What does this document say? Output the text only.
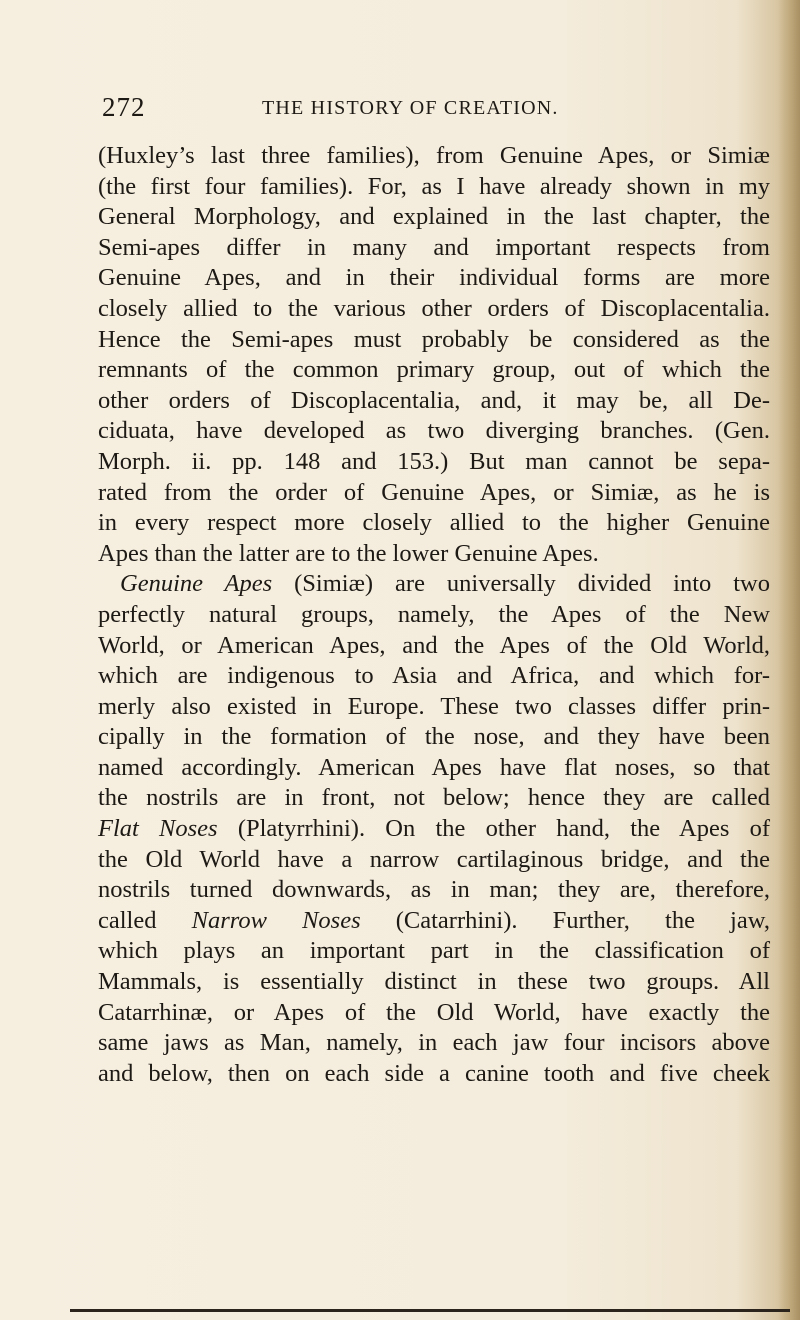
272	THE HISTORY OF CREATION.
(Huxley’s last three families), from Genuine Apes, or Simiæ
(the first four families). For, as I have already shown in my
General Morphology, and explained in the last chapter, the
Semi-apes differ in many and important respects from
Genuine Apes, and in their individual forms are more
closely allied to the various other orders of Discoplacentalia.
Hence the Semi-apes must probably be considered as the
remnants of the common primary group, out of which the
other orders of Discoplacentalia, and, it may be, all De-
ciduata, have developed as two diverging branches. (Gen.
Morph. ii. pp. 148 and 153.) But man cannot be sepa-
rated from the order of Genuine Apes, or Simiæ, as he is
in every respect more closely allied to the higher Genuine
Apes than the latter are to the lower Genuine Apes.
Genuine Apes (Simiæ) are universally divided into two
perfectly natural groups, namely, the Apes of the New
World, or American Apes, and the Apes of the Old World,
which are indigenous to Asia and Africa, and which for-
merly also existed in Europe. These two classes differ prin-
cipally in the formation of the nose, and they have been
named accordingly. American Apes have flat noses, so that
the nostrils are in front, not below; hence they are called
Flat Noses (Platyrrhini). On the other hand, the Apes of
the Old World have a narrow cartilaginous bridge, and the
nostrils turned downwards, as in man; they are, therefore,
called Narrow Noses (Catarrhini). Further, the jaw,
which plays an important part in the classification of
Mammals, is essentially distinct in these two groups. All
Catarrhinæ, or Apes of the Old World, have exactly the
same jaws as Man, namely, in each jaw four incisors above
and below, then on each side a canine tooth and five cheek
